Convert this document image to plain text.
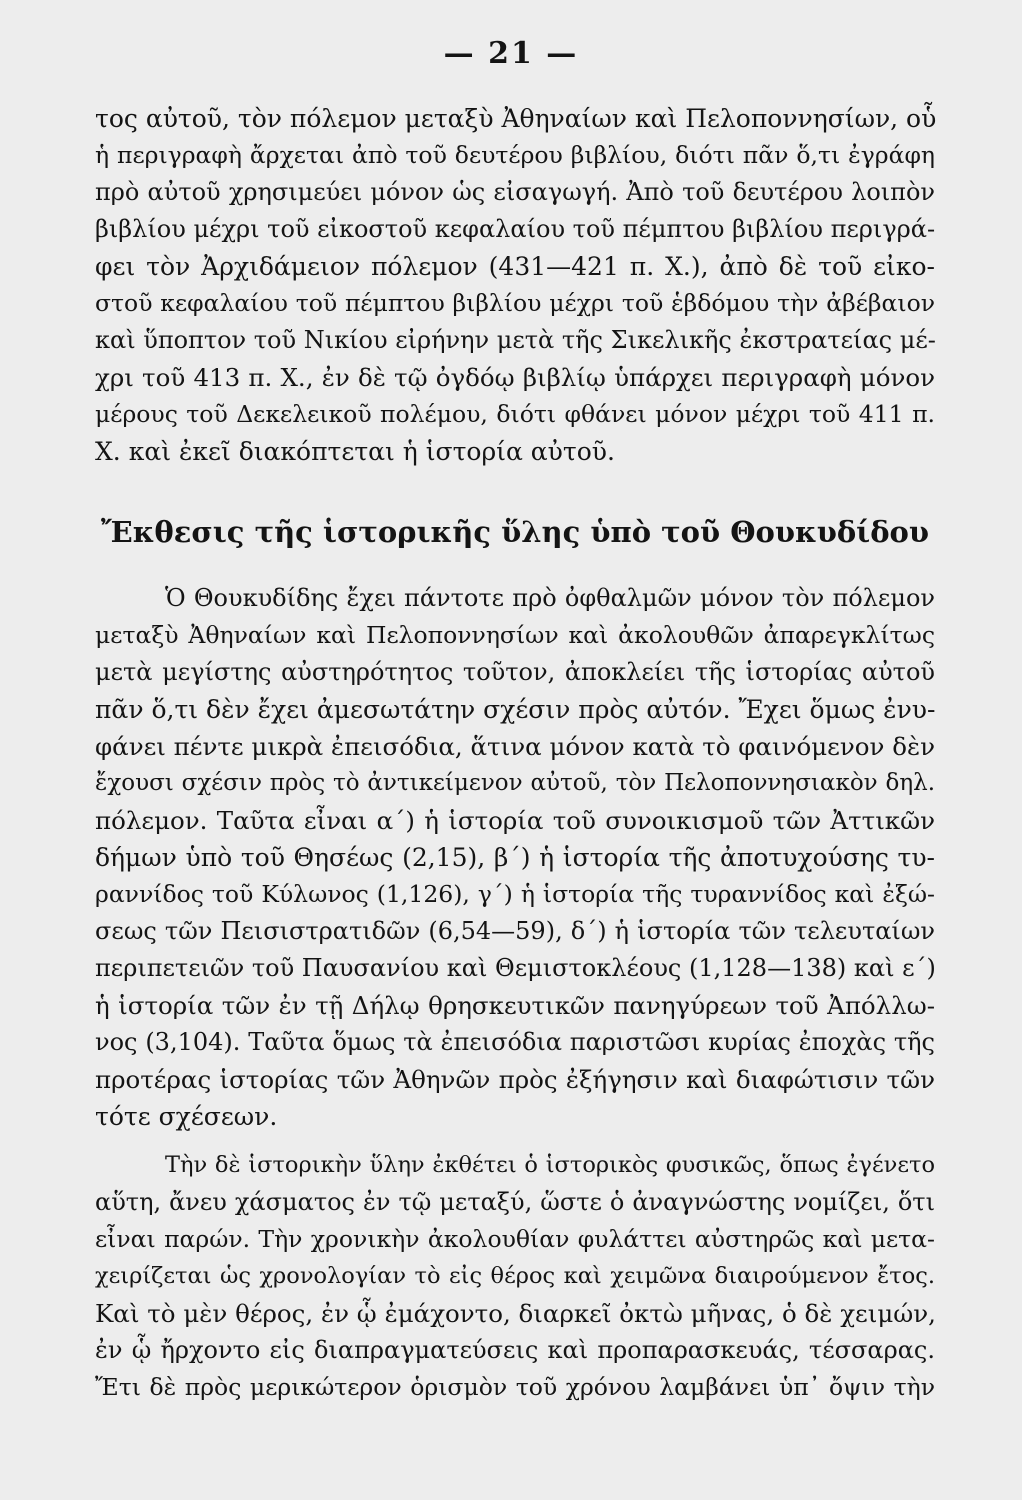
— 21 —
τος αὐτοῦ, τὸν πόλεμον μεταξὺ Ἀθηναίων καὶ Πελοποννησίων, οὗ
ἡ περιγραφὴ ἄρχεται ἀπὸ τοῦ δευτέρου βιβλίου, διότι πᾶν ὅ,τι ἐγράφη
πρὸ αὐτοῦ χρησιμεύει μόνον ὡς εἰσαγωγή. Ἀπὸ τοῦ δευτέρου λοιπὸν
βιβλίου μέχρι τοῦ εἰκοστοῦ κεφαλαίου τοῦ πέμπτου βιβλίου περιγρά-
φει τὸν Ἀρχιδάμειον πόλεμον (431—421 π. Χ.), ἀπὸ δὲ τοῦ εἰκο-
στοῦ κεφαλαίου τοῦ πέμπτου βιβλίου μέχρι τοῦ ἑβδόμου τὴν ἀβέβαιον
καὶ ὕποπτον τοῦ Νικίου εἰρήνην μετὰ τῆς Σικελικῆς ἐκστρατείας μέ-
χρι τοῦ 413 π. Χ., ἐν δὲ τῷ ὀγδόῳ βιβλίῳ ὑπάρχει περιγραφὴ μόνον
μέρους τοῦ Δεκελεικοῦ πολέμου, διότι φθάνει μόνον μέχρι τοῦ 411 π.
Χ. καὶ ἐκεῖ διακόπτεται ἡ ἱστορία αὐτοῦ.
Ἔκθεσις τῆς ἱστορικῆς ὕλης ὑπὸ τοῦ Θουκυδίδου
Ὁ Θουκυδίδης ἔχει πάντοτε πρὸ ὀφθαλμῶν μόνον τὸν πόλεμον
μεταξὺ Ἀθηναίων καὶ Πελοποννησίων καὶ ἀκολουθῶν ἀπαρεγκλίτως
μετὰ μεγίστης αὐστηρότητος τοῦτον, ἀποκλείει τῆς ἱστορίας αὐτοῦ
πᾶν ὅ,τι δὲν ἔχει ἀμεσωτάτην σχέσιν πρὸς αὐτόν. Ἔχει ὅμως ἐνυ-
φάνει πέντε μικρὰ ἐπεισόδια, ἅτινα μόνον κατὰ τὸ φαινόμενον δὲν
ἔχουσι σχέσιν πρὸς τὸ ἀντικείμενον αὐτοῦ, τὸν Πελοποννησιακὸν δηλ.
πόλεμον. Ταῦτα εἶναι α΄) ἡ ἱστορία τοῦ συνοικισμοῦ τῶν Ἀττικῶν
δήμων ὑπὸ τοῦ Θησέως (2,15), β΄) ἡ ἱστορία τῆς ἀποτυχούσης τυ-
ραννίδος τοῦ Κύλωνος (1,126), γ΄) ἡ ἱστορία τῆς τυραννίδος καὶ ἐξώ-
σεως τῶν Πεισιστρατιδῶν (6,54—59), δ΄) ἡ ἱστορία τῶν τελευταίων
περιπετειῶν τοῦ Παυσανίου καὶ Θεμιστοκλέους (1,128—138) καὶ ε΄)
ἡ ἱστορία τῶν ἐν τῇ Δήλῳ θρησκευτικῶν πανηγύρεων τοῦ Ἀπόλλω-
νος (3,104). Ταῦτα ὅμως τὰ ἐπεισόδια παριστῶσι κυρίας ἐποχὰς τῆς
προτέρας ἱστορίας τῶν Ἀθηνῶν πρὸς ἐξήγησιν καὶ διαφώτισιν τῶν
τότε σχέσεων.
Τὴν δὲ ἱστορικὴν ὕλην ἐκθέτει ὁ ἱστορικὸς φυσικῶς, ὅπως ἐγένετο
αὕτη, ἄνευ χάσματος ἐν τῷ μεταξύ, ὥστε ὁ ἀναγνώστης νομίζει, ὅτι
εἶναι παρών. Τὴν χρονικὴν ἀκολουθίαν φυλάττει αὐστηρῶς καὶ μετα-
χειρίζεται ὡς χρονολογίαν τὸ εἰς θέρος καὶ χειμῶνα διαιρούμενον ἔτος.
Καὶ τὸ μὲν θέρος, ἐν ᾧ ἐμάχοντο, διαρκεῖ ὀκτὼ μῆνας, ὁ δὲ χειμών,
ἐν ᾧ ἤρχοντο εἰς διαπραγματεύσεις καὶ προπαρασκευάς, τέσσαρας.
Ἔτι δὲ πρὸς μερικώτερον ὁρισμὸν τοῦ χρόνου λαμβάνει ὑπ᾽ ὄψιν τὴν
